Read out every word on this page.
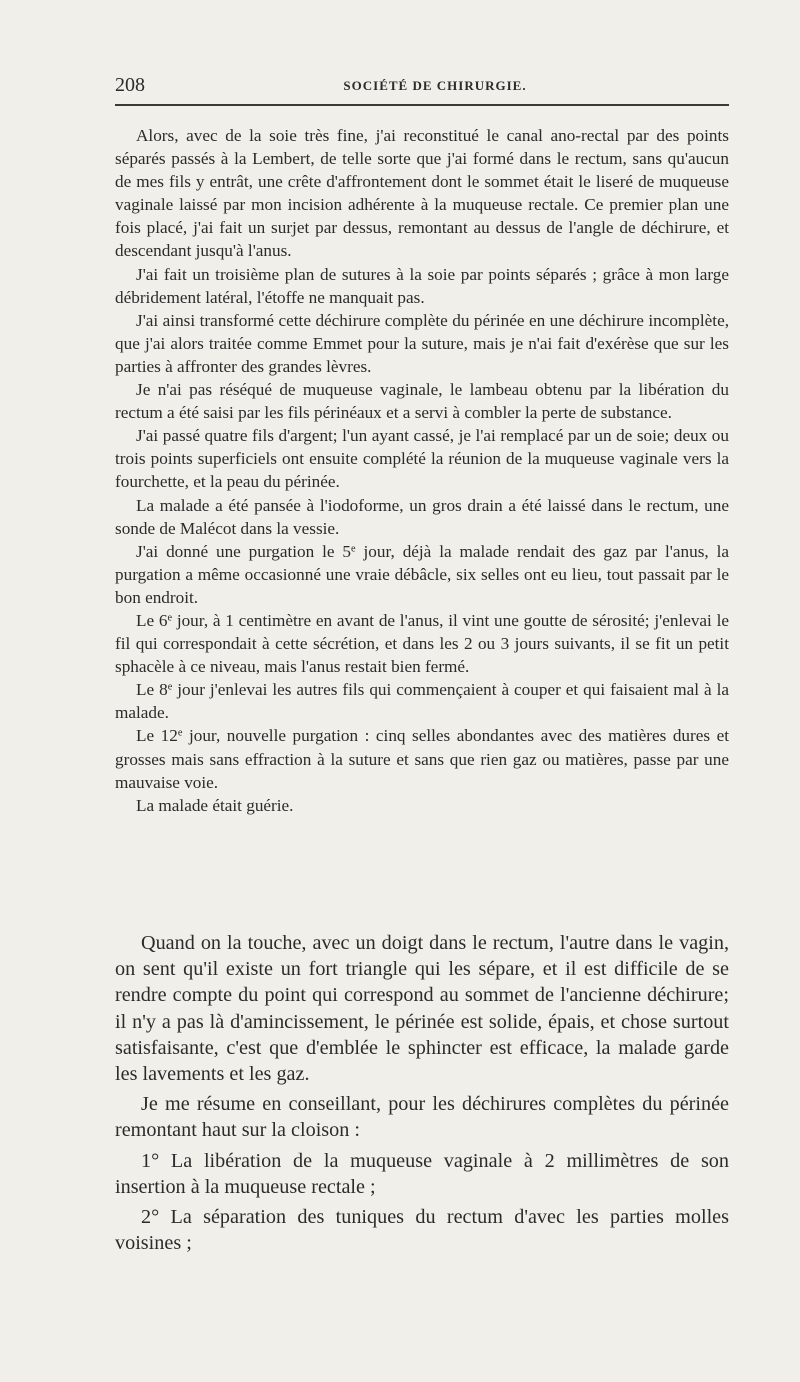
208	SOCIÉTÉ DE CHIRURGIE.

Alors, avec de la soie très fine, j'ai reconstitué le canal ano-rectal par des points séparés passés à la Lembert, de telle sorte que j'ai formé dans le rectum, sans qu'aucun de mes fils y entrât, une crête d'affrontement dont le sommet était le liseré de muqueuse vaginale laissé par mon incision adhérente à la muqueuse rectale. Ce premier plan une fois placé, j'ai fait un surjet par dessus, remontant au dessus de l'angle de déchirure, et descendant jusqu'à l'anus.

J'ai fait un troisième plan de sutures à la soie par points séparés ; grâce à mon large débridement latéral, l'étoffe ne manquait pas.

J'ai ainsi transformé cette déchirure complète du périnée en une déchirure incomplète, que j'ai alors traitée comme Emmet pour la suture, mais je n'ai fait d'exérèse que sur les parties à affronter des grandes lèvres.

Je n'ai pas réséqué de muqueuse vaginale, le lambeau obtenu par la libération du rectum a été saisi par les fils périnéaux et a servi à combler la perte de substance.

J'ai passé quatre fils d'argent; l'un ayant cassé, je l'ai remplacé par un de soie; deux ou trois points superficiels ont ensuite complété la réunion de la muqueuse vaginale vers la fourchette, et la peau du périnée.

La malade a été pansée à l'iodoforme, un gros drain a été laissé dans le rectum, une sonde de Malécot dans la vessie.

J'ai donné une purgation le 5e jour, déjà la malade rendait des gaz par l'anus, la purgation a même occasionné une vraie débâcle, six selles ont eu lieu, tout passait par le bon endroit.

Le 6e jour, à 1 centimètre en avant de l'anus, il vint une goutte de sérosité; j'enlevai le fil qui correspondait à cette sécrétion, et dans les 2 ou 3 jours suivants, il se fit un petit sphacèle à ce niveau, mais l'anus restait bien fermé.

Le 8e jour j'enlevai les autres fils qui commençaient à couper et qui faisaient mal à la malade.

Le 12e jour, nouvelle purgation : cinq selles abondantes avec des matières dures et grosses mais sans effraction à la suture et sans que rien gaz ou matières, passe par une mauvaise voie.

La malade était guérie.

Quand on la touche, avec un doigt dans le rectum, l'autre dans le vagin, on sent qu'il existe un fort triangle qui les sépare, et il est difficile de se rendre compte du point qui correspond au sommet de l'ancienne déchirure; il n'y a pas là d'amincissement, le périnée est solide, épais, et chose surtout satisfaisante, c'est que d'emblée le sphincter est efficace, la malade garde les lavements et les gaz.

Je me résume en conseillant, pour les déchirures complètes du périnée remontant haut sur la cloison :

1° La libération de la muqueuse vaginale à 2 millimètres de son insertion à la muqueuse rectale ;

2° La séparation des tuniques du rectum d'avec les parties molles voisines ;
